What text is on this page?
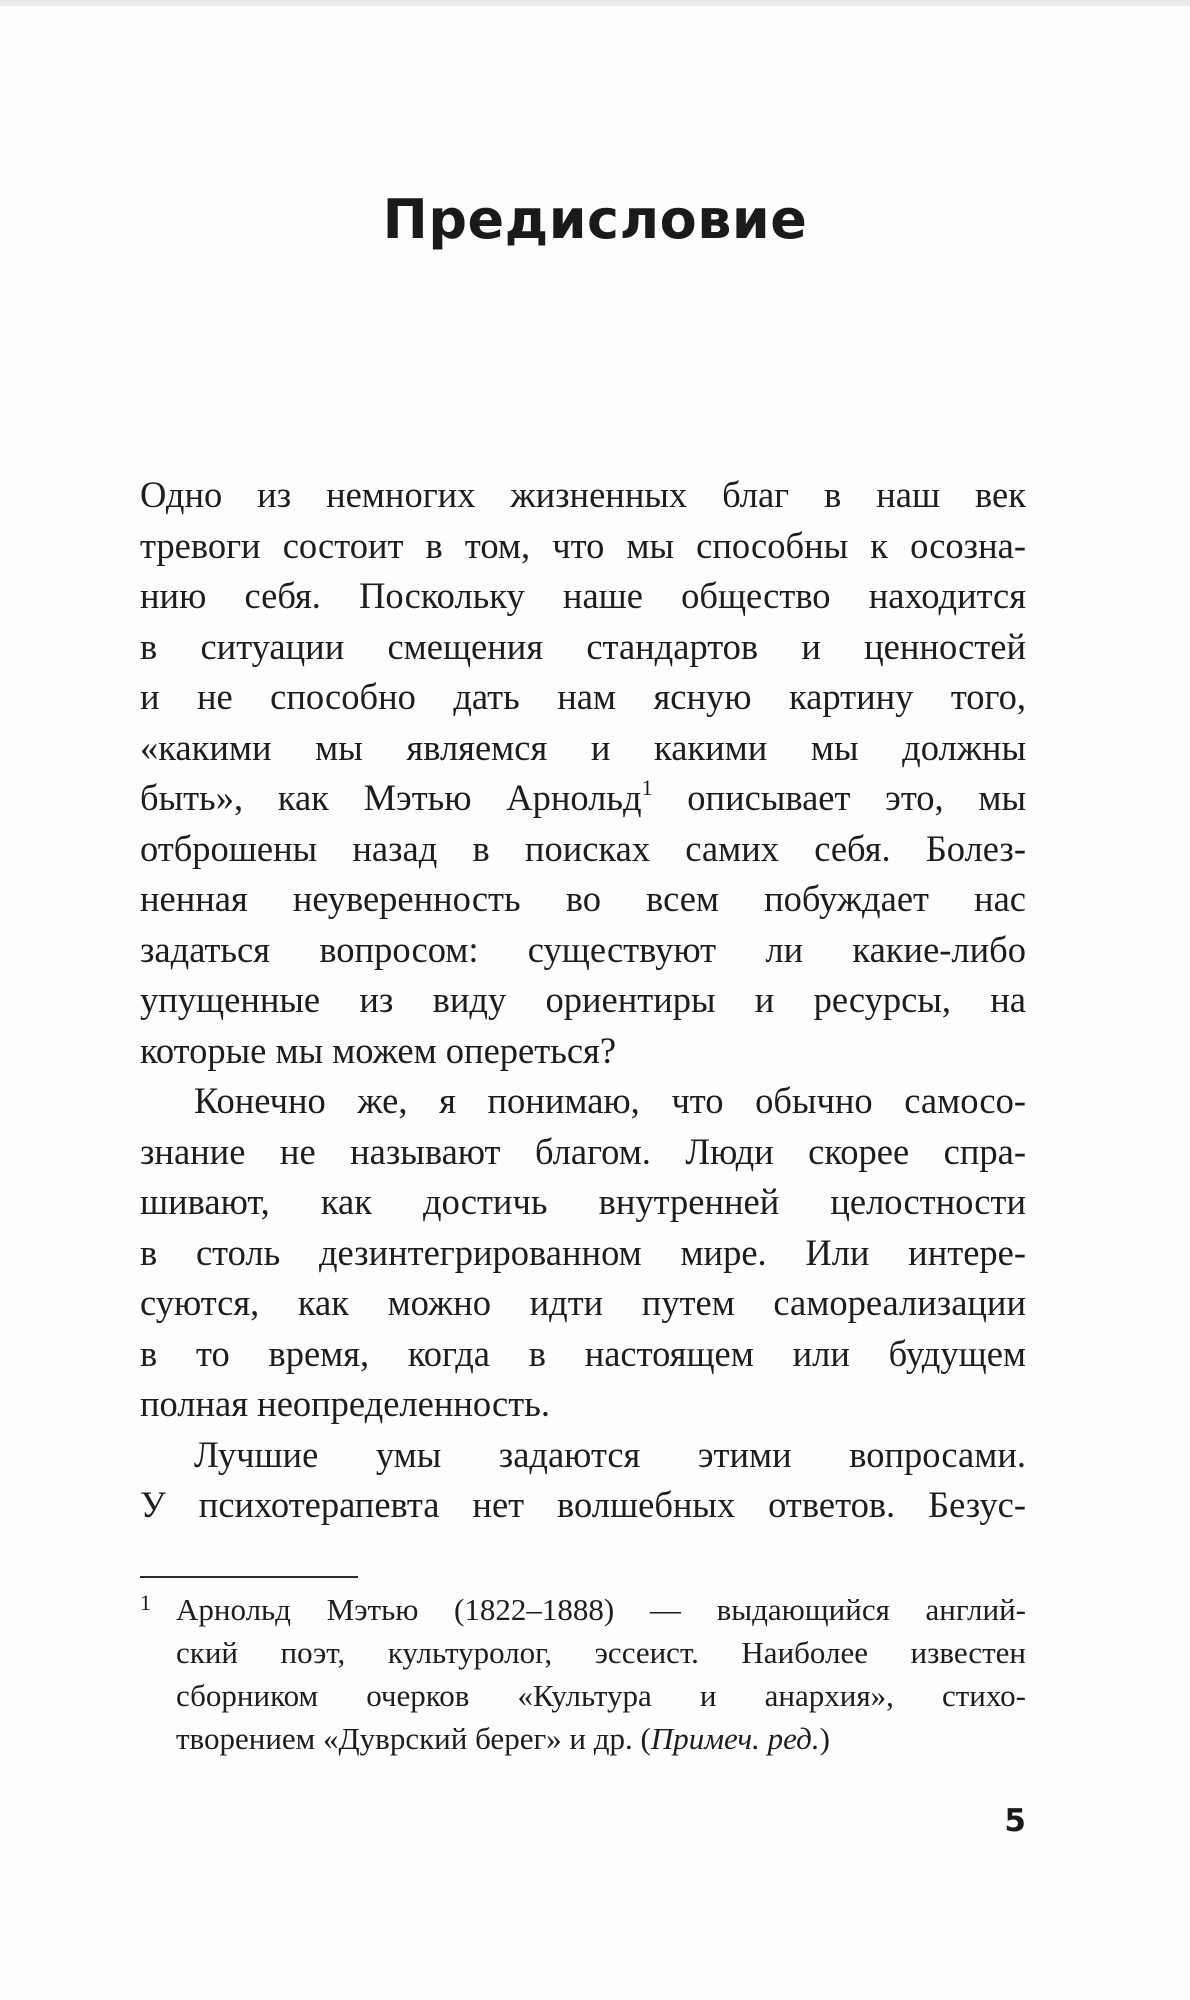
Предисловие
Одно из немногих жизненных благ в наш век
тревоги состоит в том, что мы способны к осозна-
нию себя. Поскольку наше общество находится
в ситуации смещения стандартов и ценностей
и не способно дать нам ясную картину того,
«какими мы являемся и какими мы должны
быть», как Мэтью Арнольд$^1$ описывает это, мы
отброшены назад в поисках самих себя. Болез-
ненная неуверенность во всем побуждает нас
задаться вопросом: существуют ли какие-либо
упущенные из виду ориентиры и ресурсы, на
которые мы можем опереться?
Конечно же, я понимаю, что обычно самосо-
знание не называют благом. Люди скорее спра-
шивают, как достичь внутренней целостности
в столь дезинтегрированном мире. Или интере-
суются, как можно идти путем самореализации
в то время, когда в настоящем или будущем
полная неопределенность.
Лучшие умы задаются этими вопросами.
У психотерапевта нет волшебных ответов. Безус-
1 Арнольд Мэтью (1822–1888) — выдающийся англий-
ский поэт, культуролог, эссеист. Наиболее известен
сборником очерков «Культура и анархия», стихо-
творением «Дуврский берег» и др. (Примеч. ред.)
5
